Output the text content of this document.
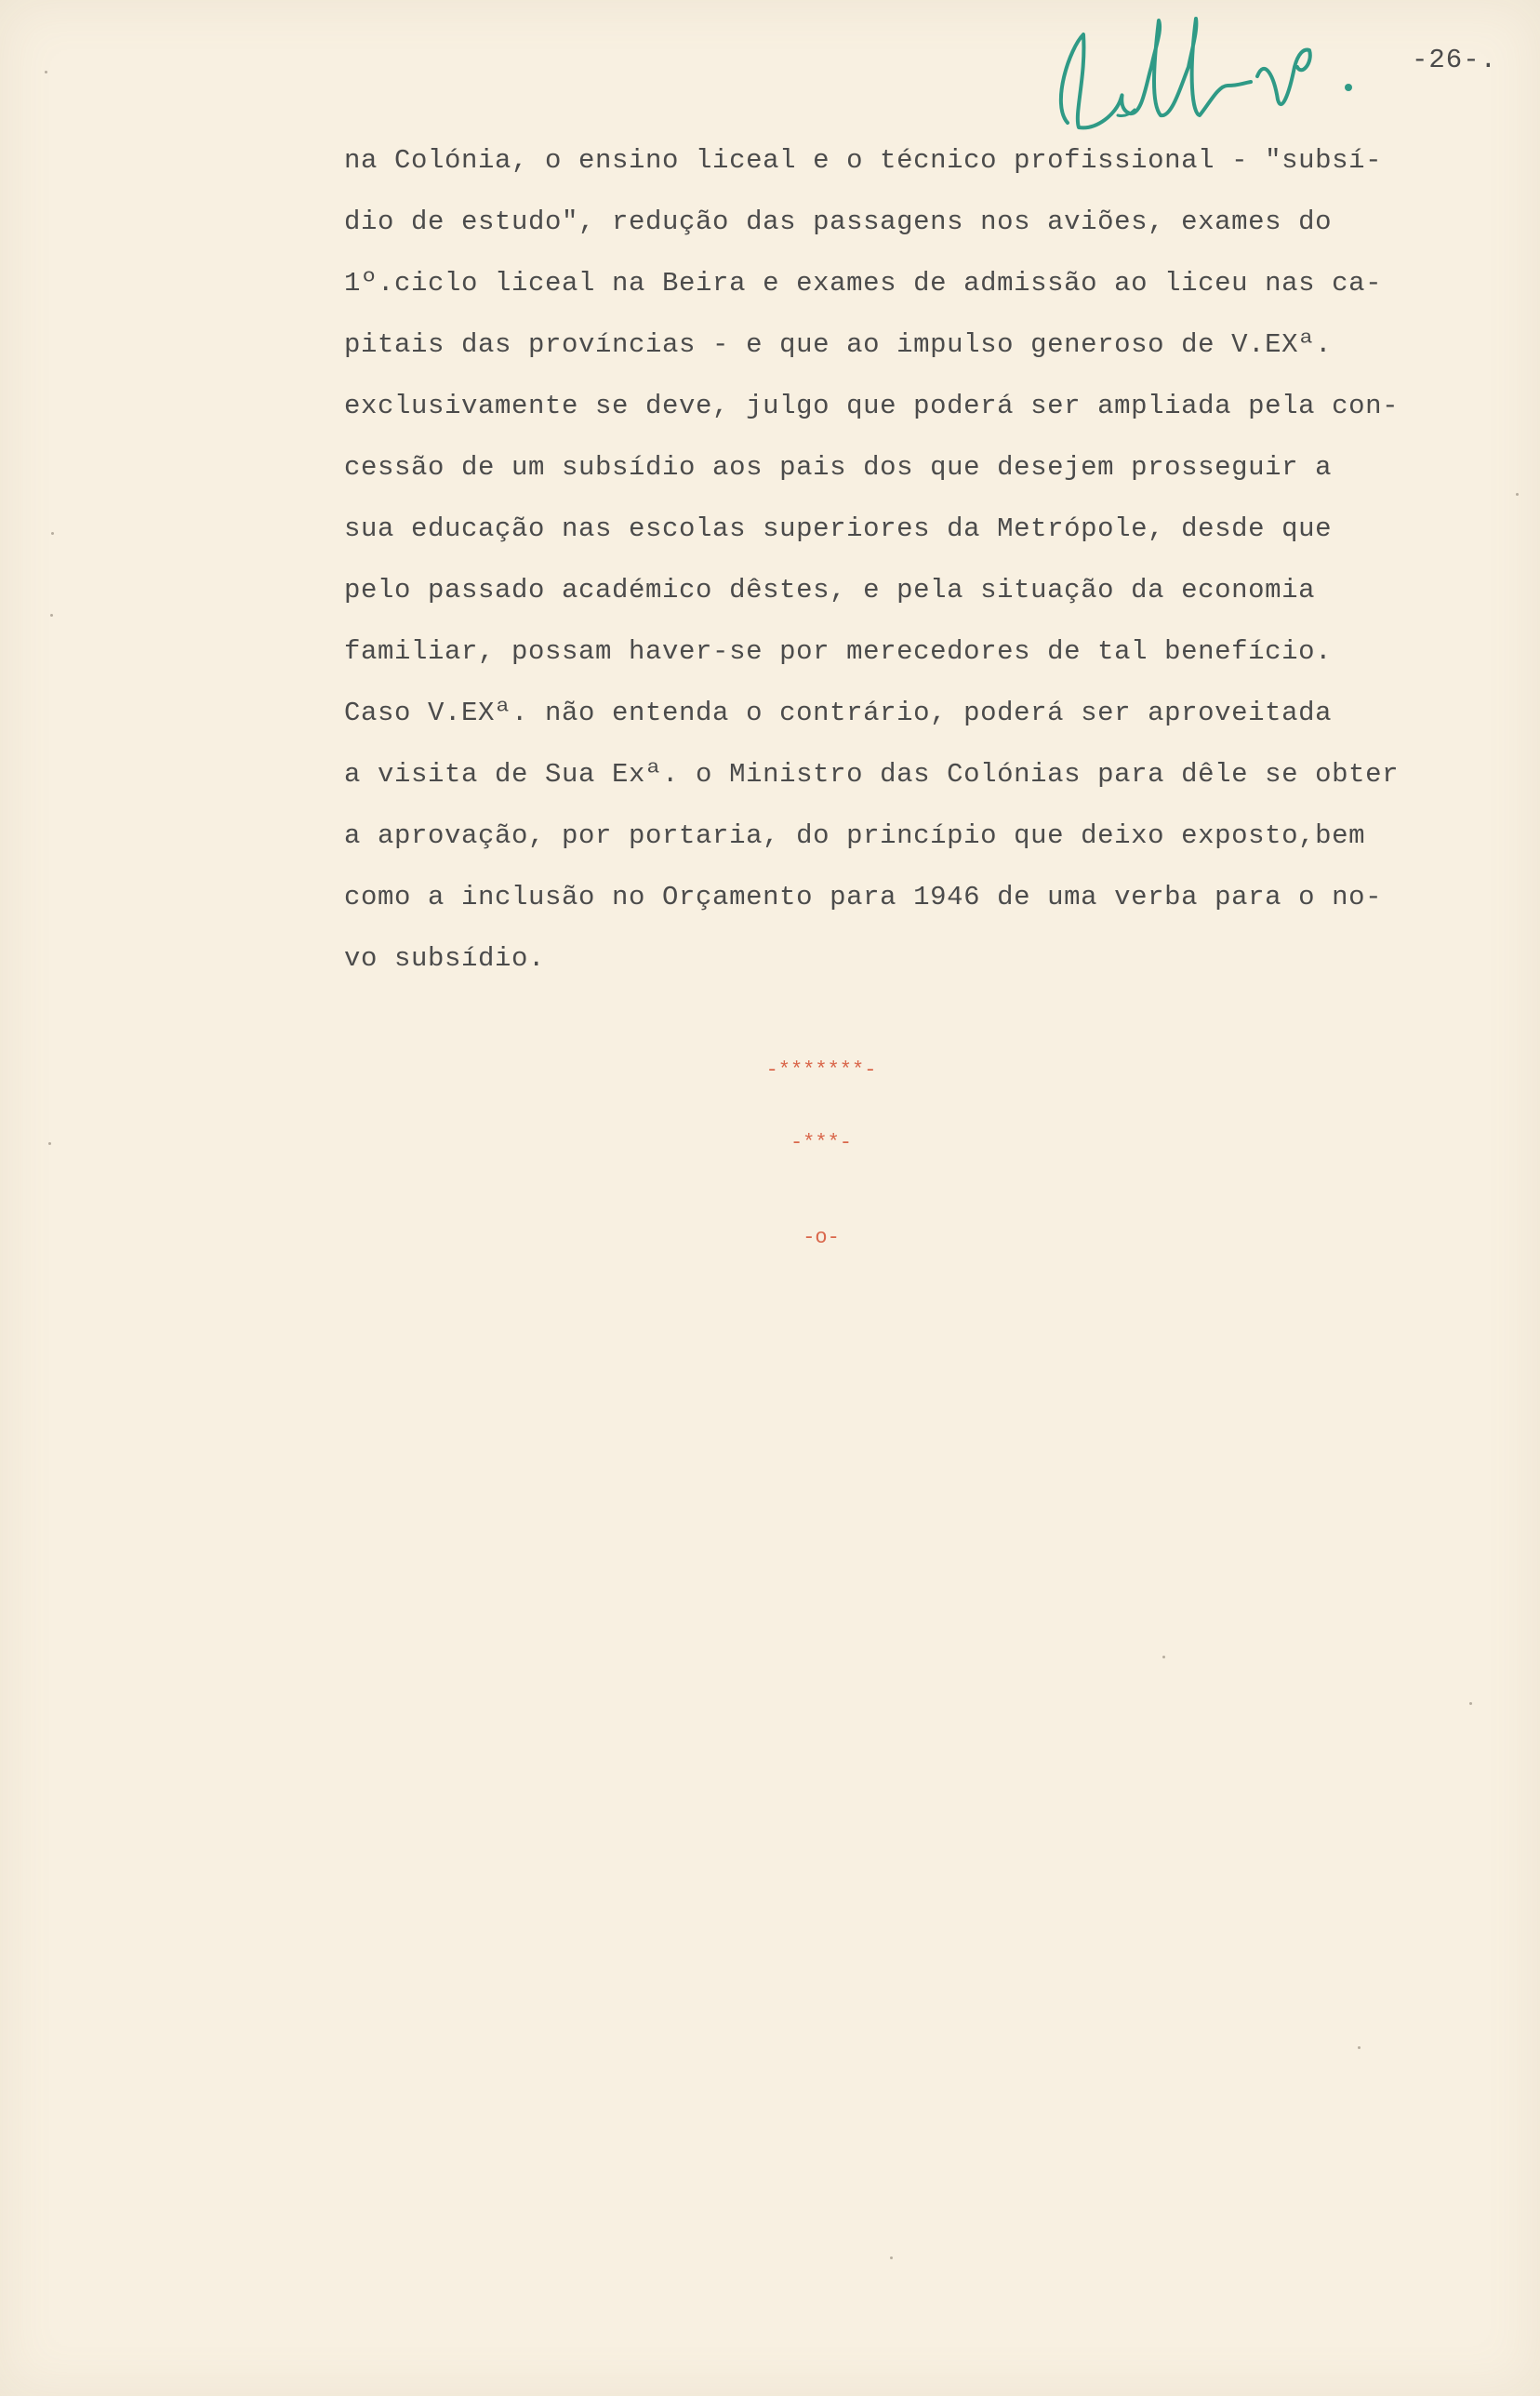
-26-.
na Colónia, o ensino liceal e o técnico profissional - "subsí-
dio de estudo", redução das passagens nos aviões, exames do
1º.ciclo liceal na Beira e exames de admissão ao liceu nas ca-
pitais das províncias - e que ao impulso generoso de V.EXª.
exclusivamente se deve, julgo que poderá ser ampliada pela con-
cessão de um subsídio aos pais dos que desejem prosseguir a
sua educação nas escolas superiores da Metrópole, desde que
pelo passado académico dêstes, e pela situação da economia
familiar, possam haver-se por merecedores de tal benefício.
Caso V.EXª. não entenda o contrário, poderá ser aproveitada
a visita de Sua Exª. o Ministro das Colónias para dêle se obter
a aprovação, por portaria, do princípio que deixo exposto,bem
como a inclusão no Orçamento para 1946 de uma verba para o no-
vo subsídio.
-*******-
-***-
-o-
